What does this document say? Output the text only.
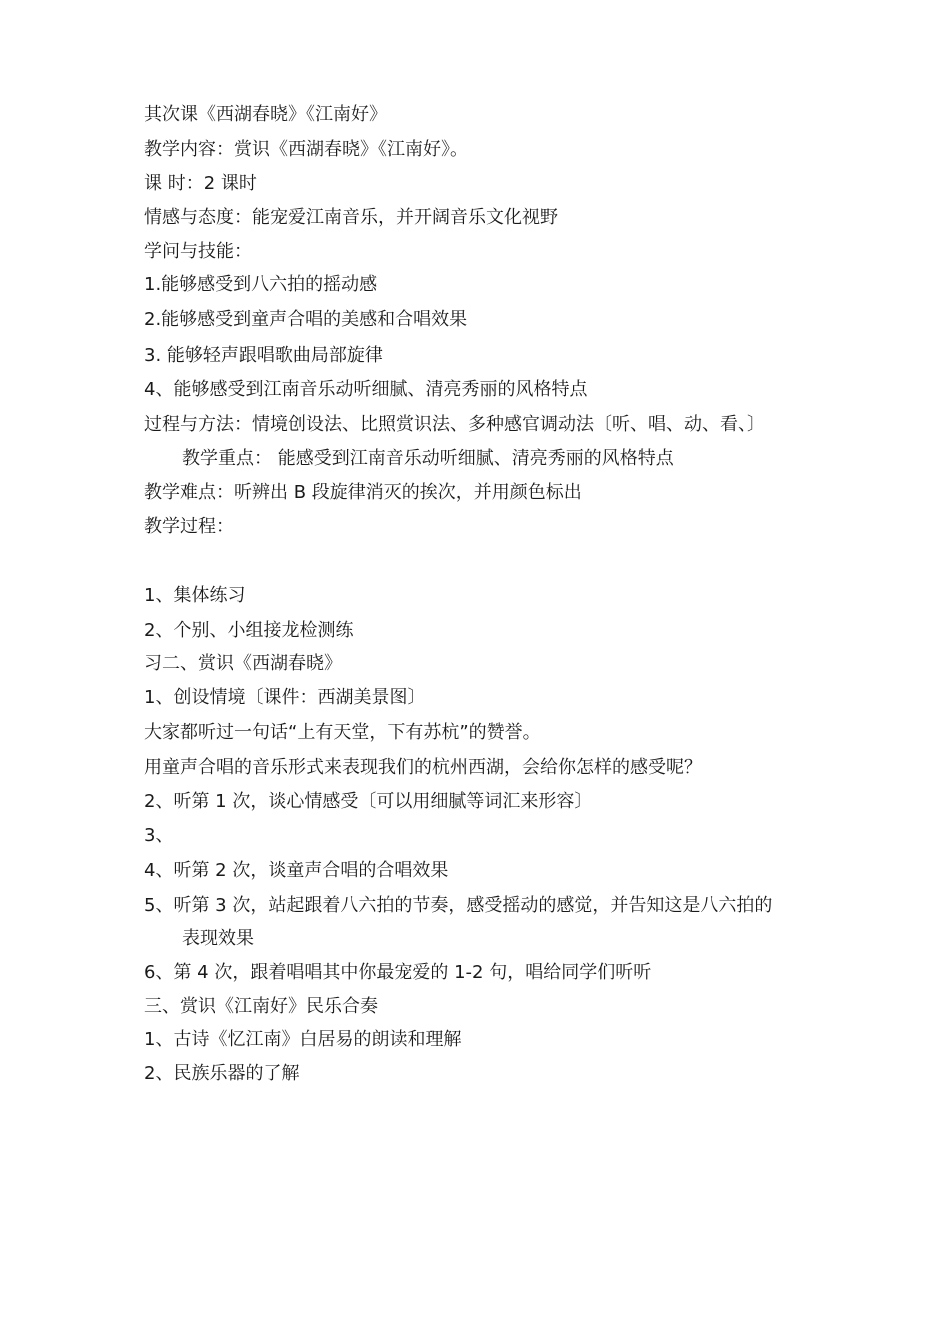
其次课《西湖春晓》《江南好》
教学内容：赏识《西湖春晓》《江南好》。
课 时：2 课时
情感与态度：能宠爱江南音乐，并开阔音乐文化视野
学问与技能：
1.能够感受到八六拍的摇动感
2.能够感受到童声合唱的美感和合唱效果
3. 能够轻声跟唱歌曲局部旋律
4、能够感受到江南音乐动听细腻、清亮秀丽的风格特点
过程与方法：情境创设法、比照赏识法、多种感官调动法〔听、唱、动、看、〕
教学重点： 能感受到江南音乐动听细腻、清亮秀丽的风格特点
教学难点：听辨出 B 段旋律消灭的挨次，并用颜色标出
教学过程：
1、集体练习
2、个别、小组接龙检测练
习二、赏识《西湖春晓》
1、创设情境〔课件：西湖美景图〕
大家都听过一句话“上有天堂，下有苏杭”的赞誉。
用童声合唱的音乐形式来表现我们的杭州西湖，会给你怎样的感受呢？
2、听第 1 次，谈心情感受〔可以用细腻等词汇来形容〕
3、
4、听第 2 次，谈童声合唱的合唱效果
5、听第 3 次，站起跟着八六拍的节奏，感受摇动的感觉，并告知这是八六拍的
表现效果
6、第 4 次，跟着唱唱其中你最宠爱的 1-2 句，唱给同学们听听
三、赏识《江南好》民乐合奏
1、古诗《忆江南》白居易的朗读和理解
2、民族乐器的了解
